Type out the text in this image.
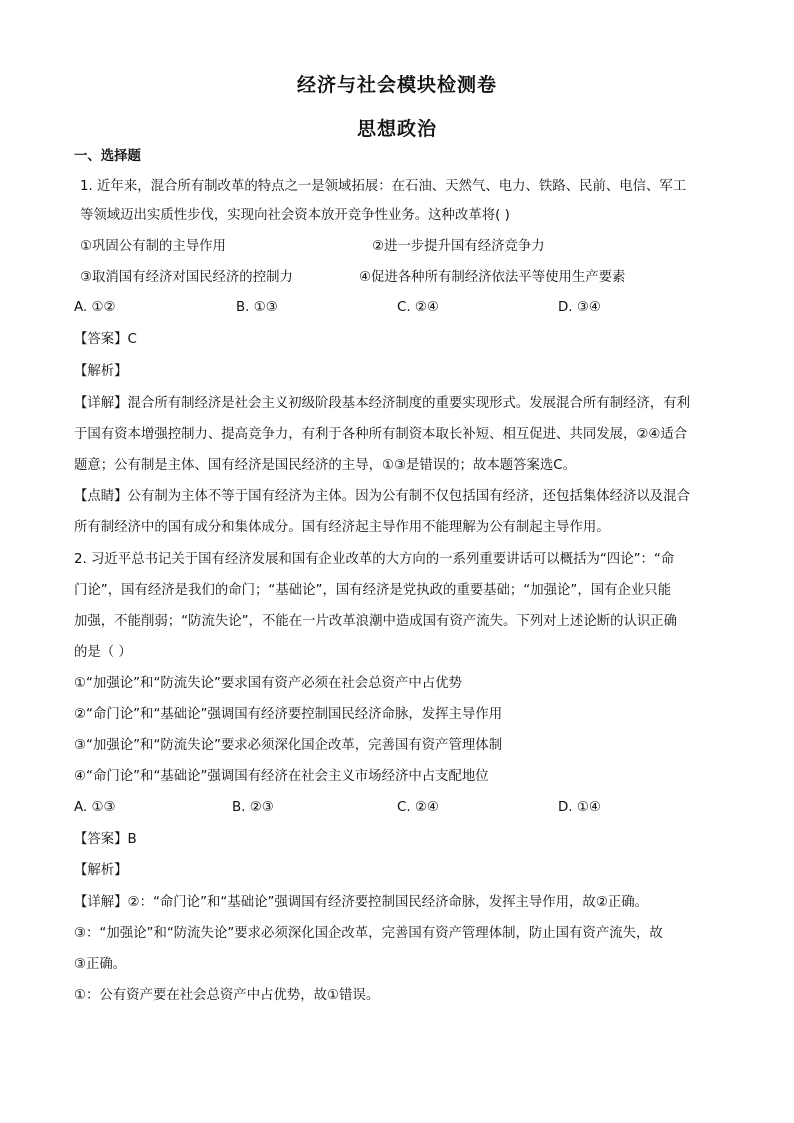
经济与社会模块检测卷
思想政治
一、选择题
1. 近年来，混合所有制改革的特点之一是领域拓展：在石油、天然气、电力、铁路、民前、电信、军工
等领域迈出实质性步伐，实现向社会资本放开竞争性业务。这种改革将( )
①巩固公有制的主导作用	②进一步提升国有经济竞争力
③取消国有经济对国民经济的控制力	④促进各种所有制经济依法平等使用生产要素
A. ①②	B. ①③	C. ②④	D. ③④
【答案】C
【解析】
【详解】混合所有制经济是社会主义初级阶段基本经济制度的重要实现形式。发展混合所有制经济，有利
于国有资本增强控制力、提高竞争力，有利于各种所有制资本取长补短、相互促进、共同发展，②④适合
题意；公有制是主体、国有经济是国民经济的主导，①③是错误的；故本题答案选C。
【点睛】公有制为主体不等于国有经济为主体。因为公有制不仅包括国有经济，还包括集体经济以及混合
所有制经济中的国有成分和集体成分。国有经济起主导作用不能理解为公有制起主导作用。
2. 习近平总书记关于国有经济发展和国有企业改革的大方向的一系列重要讲话可以概括为“四论”：“命
门论”，国有经济是我们的命门；“基础论”，国有经济是党执政的重要基础；“加强论”，国有企业只能
加强，不能削弱；“防流失论”，不能在一片改革浪潮中造成国有资产流失。下列对上述论断的认识正确
的是（ ）
①“加强论”和“防流失论”要求国有资产必须在社会总资产中占优势
②“命门论”和“基础论”强调国有经济要控制国民经济命脉，发挥主导作用
③“加强论”和“防流失论”要求必须深化国企改革，完善国有资产管理体制
④“命门论”和“基础论”强调国有经济在社会主义市场经济中占支配地位
A. ①③	B. ②③	C. ②④	D. ①④
【答案】B
【解析】
【详解】②：“命门论”和“基础论”强调国有经济要控制国民经济命脉，发挥主导作用，故②正确。
③：“加强论”和“防流失论”要求必须深化国企改革，完善国有资产管理体制，防止国有资产流失，故
③正确。
①：公有资产要在社会总资产中占优势，故①错误。
